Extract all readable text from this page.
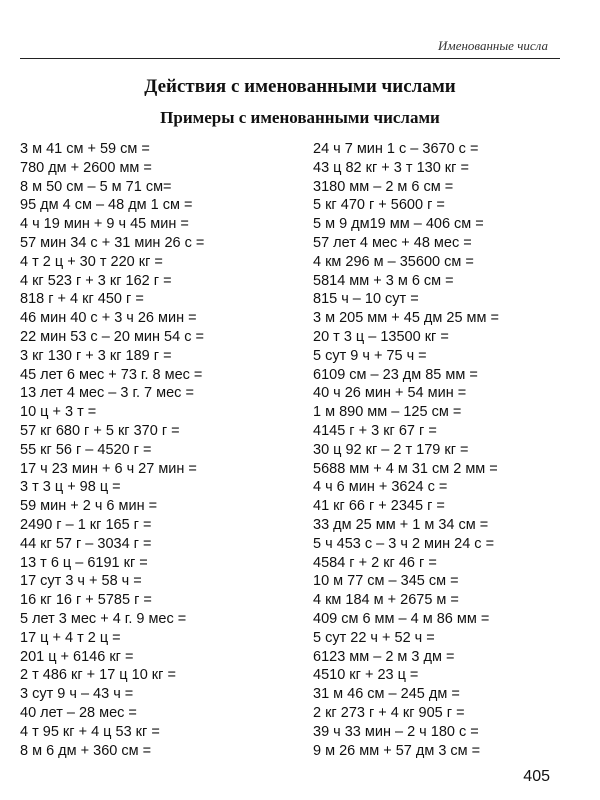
Именованные числа
Действия с именованными числами
Примеры с именованными числами
3 м 41 см + 59 см =
780 дм + 2600 мм =
8 м 50 см – 5 м 71 см=
95 дм 4 см – 48 дм 1 см =
4 ч 19 мин + 9 ч 45 мин =
57 мин 34 с + 31 мин 26 с =
4 т 2 ц + 30 т 220 кг =
4 кг 523 г + 3 кг 162 г =
818 г + 4 кг 450 г =
46 мин 40 с + 3 ч 26 мин =
22 мин 53 с – 20 мин 54 с =
3 кг 130 г + 3 кг 189 г =
45 лет 6 мес + 73 г. 8 мес =
13 лет 4 мес – 3 г. 7 мес =
10 ц + 3 т =
57 кг 680 г + 5 кг 370 г =
55 кг 56 г – 4520 г =
17 ч 23 мин + 6 ч 27 мин =
3 т 3 ц + 98 ц =
59 мин + 2 ч 6 мин =
2490 г – 1 кг 165 г =
44 кг 57 г – 3034 г =
13 т 6 ц – 6191 кг =
17 сут 3 ч + 58 ч =
16 кг 16 г + 5785 г =
5 лет 3 мес + 4 г. 9 мес =
17 ц + 4 т 2 ц =
201 ц + 6146 кг =
2 т 486 кг + 17 ц 10 кг =
3 сут 9 ч – 43 ч =
40 лет – 28 мес =
4 т 95 кг + 4 ц 53 кг =
8 м 6 дм + 360 см =
24 ч 7 мин 1 с – 3670 с =
43 ц 82 кг + 3 т 130 кг =
3180 мм – 2 м 6 см =
5 кг 470 г + 5600 г =
5 м 9 дм19 мм – 406 см =
57 лет 4 мес + 48 мес =
4 км 296 м – 35600 см =
5814 мм + 3 м 6 см =
815 ч – 10 сут =
3 м 205 мм + 45 дм 25 мм =
20 т 3 ц – 13500 кг =
5 сут 9 ч + 75 ч =
6109 см – 23 дм 85 мм =
40 ч 26 мин + 54 мин =
1 м 890 мм – 125 см =
4145 г + 3 кг 67 г =
30 ц 92 кг – 2 т 179 кг =
5688 мм + 4 м 31 см 2 мм =
4 ч 6 мин + 3624 с =
41 кг 66 г + 2345 г =
33 дм 25 мм + 1 м 34 см =
5 ч 453 с – 3 ч 2 мин 24 с =
4584 г + 2 кг 46 г =
10 м 77 см – 345 см =
4 км 184 м + 2675 м =
409 см 6 мм – 4 м 86 мм =
5 сут 22 ч + 52 ч =
6123 мм – 2 м 3 дм =
4510 кг + 23 ц =
31 м 46 см – 245 дм =
2 кг 273 г + 4 кг 905 г =
39 ч 33 мин – 2 ч 180 с =
9 м 26 мм + 57 дм 3 см =
405
